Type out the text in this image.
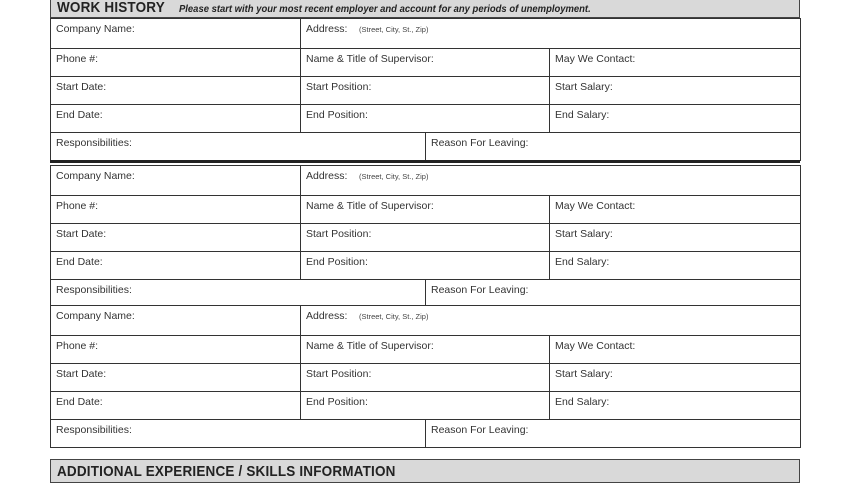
WORK HISTORY Please start with your most recent employer and account for any periods of unemployment.
Company Name:	Address: (Street, City, St., Zip)
Phone #:	Name & Title of Supervisor:	May We Contact:
Start Date:	Start Position:	Start Salary:
End Date:	End Position:	End Salary:
Responsibilities:	Reason For Leaving:
Company Name:	Address: (Street, City, St., Zip)
Phone #:	Name & Title of Supervisor:	May We Contact:
Start Date:	Start Position:	Start Salary:
End Date:	End Position:	End Salary:
Responsibilities:	Reason For Leaving:
Company Name:	Address: (Street, City, St., Zip)
Phone #:	Name & Title of Supervisor:	May We Contact:
Start Date:	Start Position:	Start Salary:
End Date:	End Position:	End Salary:
Responsibilities:	Reason For Leaving:
ADDITIONAL EXPERIENCE / SKILLS INFORMATION
